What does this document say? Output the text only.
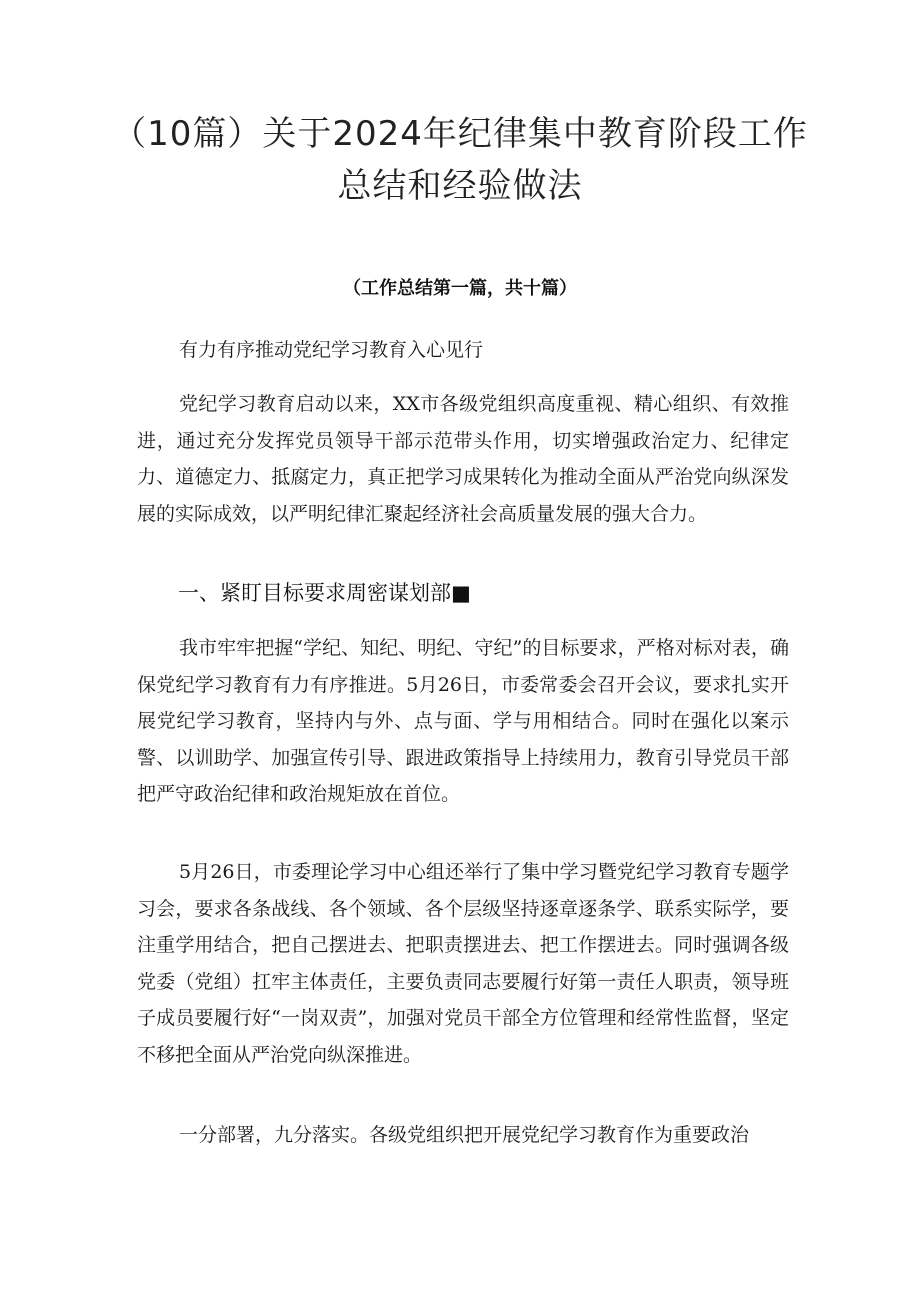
（10篇）关于2024年纪律集中教育阶段工作总结和经验做法
（工作总结第一篇，共十篇）

有力有序推动党纪学习教育入心见行

党纪学习教育启动以来，XX市各级党组织高度重视、精心组织、有效推进，通过充分发挥党员领导干部示范带头作用，切实增强政治定力、纪律定力、道德定力、抵腐定力，真正把学习成果转化为推动全面从严治党向纵深发展的实际成效，以严明纪律汇聚起经济社会高质量发展的强大合力。

一、紧盯目标要求周密谋划部■

我市牢牢把握“学纪、知纪、明纪、守纪”的目标要求，严格对标对表，确保党纪学习教育有力有序推进。5月26日，市委常委会召开会议，要求扎实开展党纪学习教育，坚持内与外、点与面、学与用相结合。同时在强化以案示警、以训助学、加强宣传引导、跟进政策指导上持续用力，教育引导党员干部把严守政治纪律和政治规矩放在首位。

5月26日，市委理论学习中心组还举行了集中学习暨党纪学习教育专题学习会，要求各条战线、各个领域、各个层级坚持逐章逐条学、联系实际学，要注重学用结合，把自己摆进去、把职责摆进去、把工作摆进去。同时强调各级党委（党组）扛牢主体责任，主要负责同志要履行好第一责任人职责，领导班子成员要履行好“一岗双责”，加强对党员干部全方位管理和经常性监督，坚定不移把全面从严治党向纵深推进。

一分部署，九分落实。各级党组织把开展党纪学习教育作为重要政治
